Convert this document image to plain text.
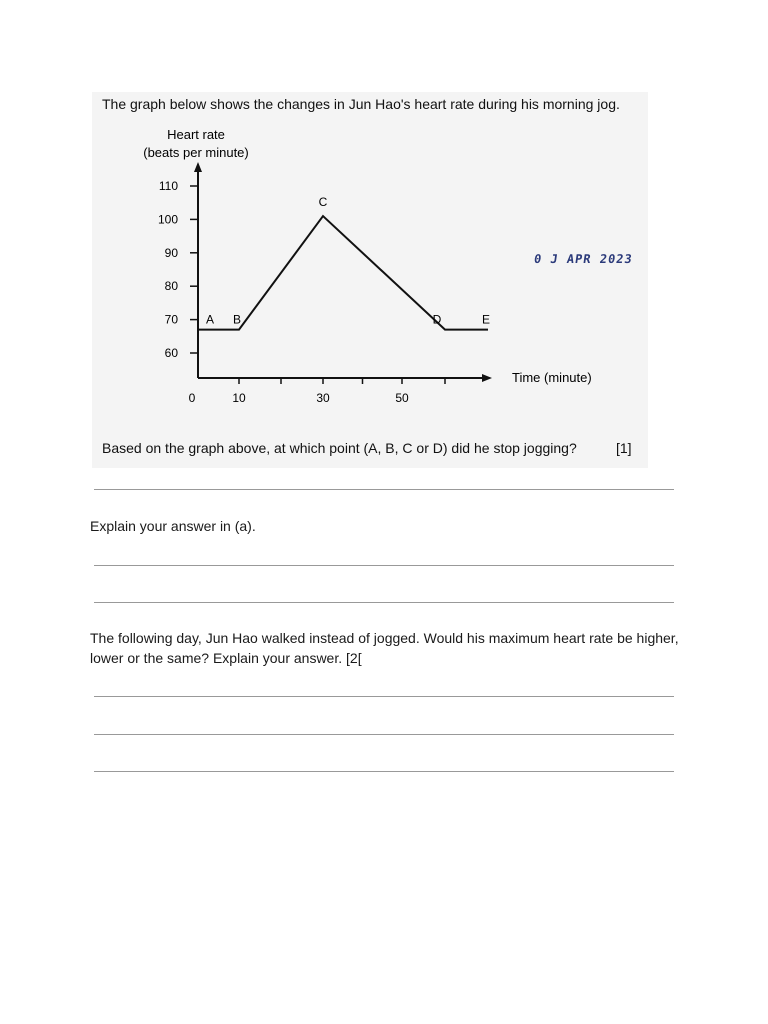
The graph below shows the changes in Jun Hao's heart rate during his morning jog.

Heart rate
(beats per minute)
Time (minute)
60
70
80
90
100
110
0	10	30	50
A B
C
D	E

0 J APR 2023

Based on the graph above, at which point (A, B, C or D) did he stop jogging?	[1]

Explain your answer in (a).

The following day, Jun Hao walked instead of jogged. Would his maximum heart rate be higher, lower or the same? Explain your answer. [2[
